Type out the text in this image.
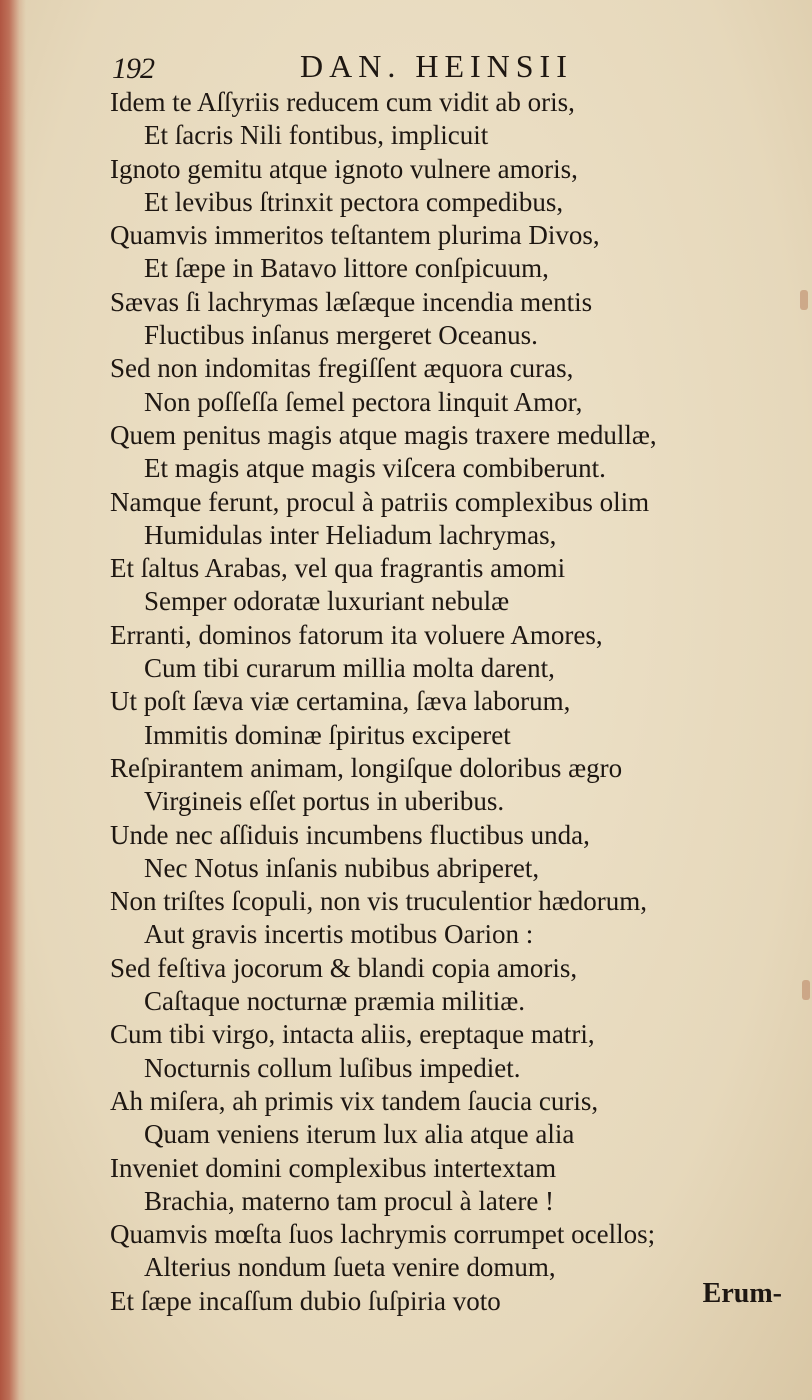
192	DAN. HEINSII
Idem te Aſſyriis reducem cum vidit ab oris,
Et ſacris Nili fontibus, implicuit
Ignoto gemitu atque ignoto vulnere amoris,
Et levibus ſtrinxit pectora compedibus,
Quamvis immeritos teſtantem plurima Divos,
Et ſæpe in Batavo littore conſpicuum,
Sævas ſi lachrymas læſæque incendia mentis
Fluctibus inſanus mergeret Oceanus.
Sed non indomitas fregiſſent æquora curas,
Non poſſeſſa ſemel pectora linquit Amor,
Quem penitus magis atque magis traxere medullæ,
Et magis atque magis viſcera combiberunt.
Namque ferunt, procul à patriis complexibus olim
Humidulas inter Heliadum lachrymas,
Et ſaltus Arabas, vel qua fragrantis amomi
Semper odoratæ luxuriant nebulæ
Erranti, dominos fatorum ita voluere Amores,
Cum tibi curarum millia molta darent,
Ut poſt ſæva viæ certamina, ſæva laborum,
Immitis dominæ ſpiritus exciperet
Reſpirantem animam, longiſque doloribus ægro
Virgineis eſſet portus in uberibus.
Unde nec aſſiduis incumbens fluctibus unda,
Nec Notus inſanis nubibus abriperet,
Non triſtes ſcopuli, non vis truculentior hædorum,
Aut gravis incertis motibus Oarion :
Sed feſtiva jocorum & blandi copia amoris,
Caſtaque nocturnæ præmia militiæ.
Cum tibi virgo, intacta aliis, ereptaque matri,
Nocturnis collum luſibus impediet.
Ah miſera, ah primis vix tandem ſaucia curis,
Quam veniens iterum lux alia atque alia
Inveniet domini complexibus intertextam
Brachia, materno tam procul à latere !
Quamvis mœſta ſuos lachrymis corrumpet ocellos;
Alterius nondum ſueta venire domum,
Et ſæpe incaſſum dubio ſuſpiria voto	Erum-
